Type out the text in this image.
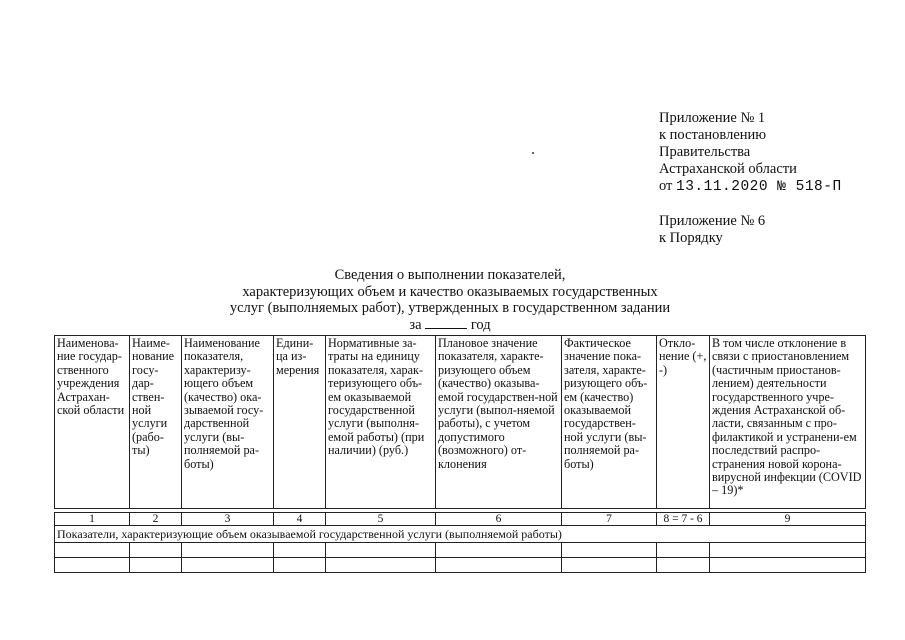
Приложение № 1
к постановлению
Правительства
Астраханской области
от 13.11.2020 № 518-П
Приложение № 6
к Порядку
Сведения о выполнении показателей,
характеризующих объем и качество оказываемых государственных
услуг (выполняемых работ), утвержденных в государственном задании
за	год
Наименова-ние государ-ственного учреждения Астрахан-ской области	Наиме-нование госу-дар-ствен-ной услуги (рабо-ты)	Наименование показателя, характеризу-ющего объем (качество) ока-зываемой госу-дарственной услуги (вы-полняемой ра-боты)	Едини-ца из-мерения	Нормативные за-траты на единицу показателя, харак-теризующего объ-ем оказываемой государственной услуги (выполня-емой работы) (при наличии) (руб.)	Плановое значение показателя, характе-ризующего объем (качество) оказыва-емой государствен-ной услуги (выпол-няемой работы), с учетом допустимого (возможного) от-клонения	Фактическое значение пока-зателя, характе-ризующего объ-ем (качество) оказываемой государствен-ной услуги (вы-полняемой ра-боты)	Откло-нение (+, -)	В том числе отклонение в связи с приостановлением (частичным приостанов-лением) деятельности государственного учре-ждения Астраханской об-ласти, связанным с про-филактикой и устранени-ем последствий распро-странения новой корона-вирусной инфекции (COVID – 19)*

1	2	3	4	5	6	7	8 = 7 - 6	9
Показатели, характеризующие объем оказываемой государственной услуги (выполняемой работы)								
